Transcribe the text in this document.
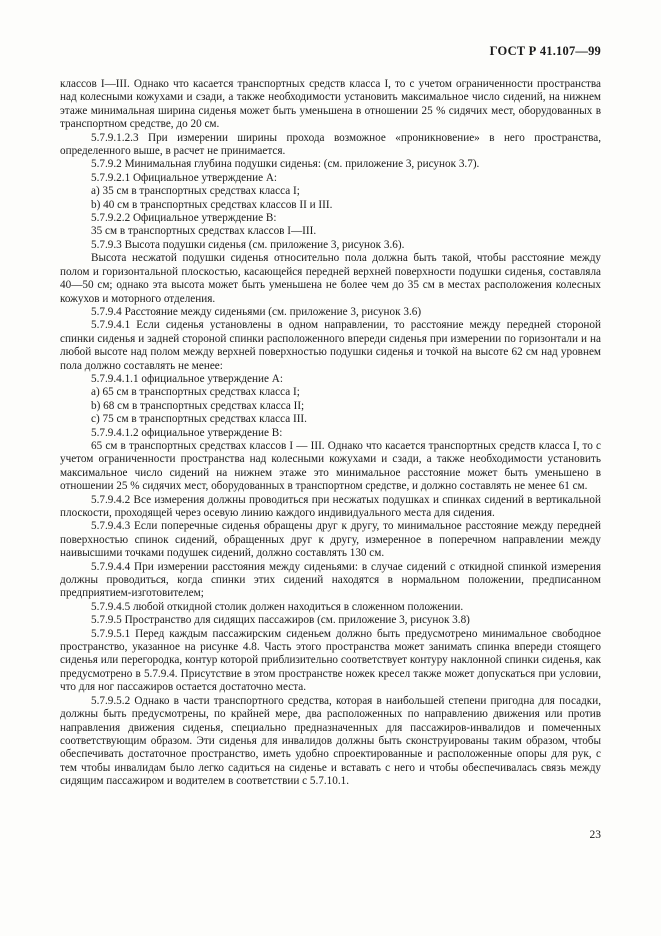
ГОСТ Р 41.107—99

классов I—III. Однако что касается транспортных средств класса I, то с учетом ограниченности пространства над колесными кожухами и сзади, а также необходимости установить максимальное число сидений, на нижнем этаже минимальная ширина сиденья может быть уменьшена в отношении 25 % сидячих мест, оборудованных в транспортном средстве, до 20 см.

5.7.9.1.2.3 При измерении ширины прохода возможное «проникновение» в него пространства, определенного выше, в расчет не принимается.

5.7.9.2 Минимальная глубина подушки сиденья: (см. приложение 3, рисунок 3.7).

5.7.9.2.1 Официальное утверждение А:

a) 35 см в транспортных средствах класса I;

b) 40 см в транспортных средствах классов II и III.

5.7.9.2.2 Официальное утверждение В:

35 см в транспортных средствах классов I—III.

5.7.9.3 Высота подушки сиденья (см. приложение 3, рисунок 3.6).

Высота несжатой подушки сиденья относительно пола должна быть такой, чтобы расстояние между полом и горизонтальной плоскостью, касающейся передней верхней поверхности подушки сиденья, составляла 40—50 см; однако эта высота может быть уменьшена не более чем до 35 см в местах расположения колесных кожухов и моторного отделения.

5.7.9.4 Расстояние между сиденьями (см. приложение 3, рисунок 3.6)

5.7.9.4.1 Если сиденья установлены в одном направлении, то расстояние между передней стороной спинки сиденья и задней стороной спинки расположенного впереди сиденья при измерении по горизонтали и на любой высоте над полом между верхней поверхностью подушки сиденья и точкой на высоте 62 см над уровнем пола должно составлять не менее:

5.7.9.4.1.1 официальное утверждение А:

a) 65 см в транспортных средствах класса I;

b) 68 см в транспортных средствах класса II;

c) 75 см в транспортных средствах класса III.

5.7.9.4.1.2 официальное утверждение В:

65 см в транспортных средствах классов I — III. Однако что касается транспортных средств класса I, то с учетом ограниченности пространства над колесными кожухами и сзади, а также необходимости установить максимальное число сидений на нижнем этаже это минимальное расстояние может быть уменьшено в отношении 25 % сидячих мест, оборудованных в транспортном средстве, и должно составлять не менее 61 см.

5.7.9.4.2 Все измерения должны проводиться при несжатых подушках и спинках сидений в вертикальной плоскости, проходящей через осевую линию каждого индивидуального места для сидения.

5.7.9.4.3 Если поперечные сиденья обращены друг к другу, то минимальное расстояние между передней поверхностью спинок сидений, обращенных друг к другу, измеренное в поперечном направлении между наивысшими точками подушек сидений, должно составлять 130 см.

5.7.9.4.4 При измерении расстояния между сиденьями: в случае сидений с откидной спинкой измерения должны проводиться, когда спинки этих сидений находятся в нормальном положении, предписанном предприятием-изготовителем;

5.7.9.4.5 любой откидной столик должен находиться в сложенном положении.

5.7.9.5 Пространство для сидящих пассажиров (см. приложение 3, рисунок 3.8)

5.7.9.5.1 Перед каждым пассажирским сиденьем должно быть предусмотрено минимальное свободное пространство, указанное на рисунке 4.8. Часть этого пространства может занимать спинка впереди стоящего сиденья или перегородка, контур которой приблизительно соответствует контуру наклонной спинки сиденья, как предусмотрено в 5.7.9.4. Присутствие в этом пространстве ножек кресел также может допускаться при условии, что для ног пассажиров остается достаточно места.

5.7.9.5.2 Однако в части транспортного средства, которая в наибольшей степени пригодна для посадки, должны быть предусмотрены, по крайней мере, два расположенных по направлению движения или против направления движения сиденья, специально предназначенных для пассажиров-инвалидов и помеченных соответствующим образом. Эти сиденья для инвалидов должны быть сконструированы таким образом, чтобы обеспечивать достаточное пространство, иметь удобно спроектированные и расположенные опоры для рук, с тем чтобы инвалидам было легко садиться на сиденье и вставать с него и чтобы обеспечивалась связь между сидящим пассажиром и водителем в соответствии с 5.7.10.1.

23
